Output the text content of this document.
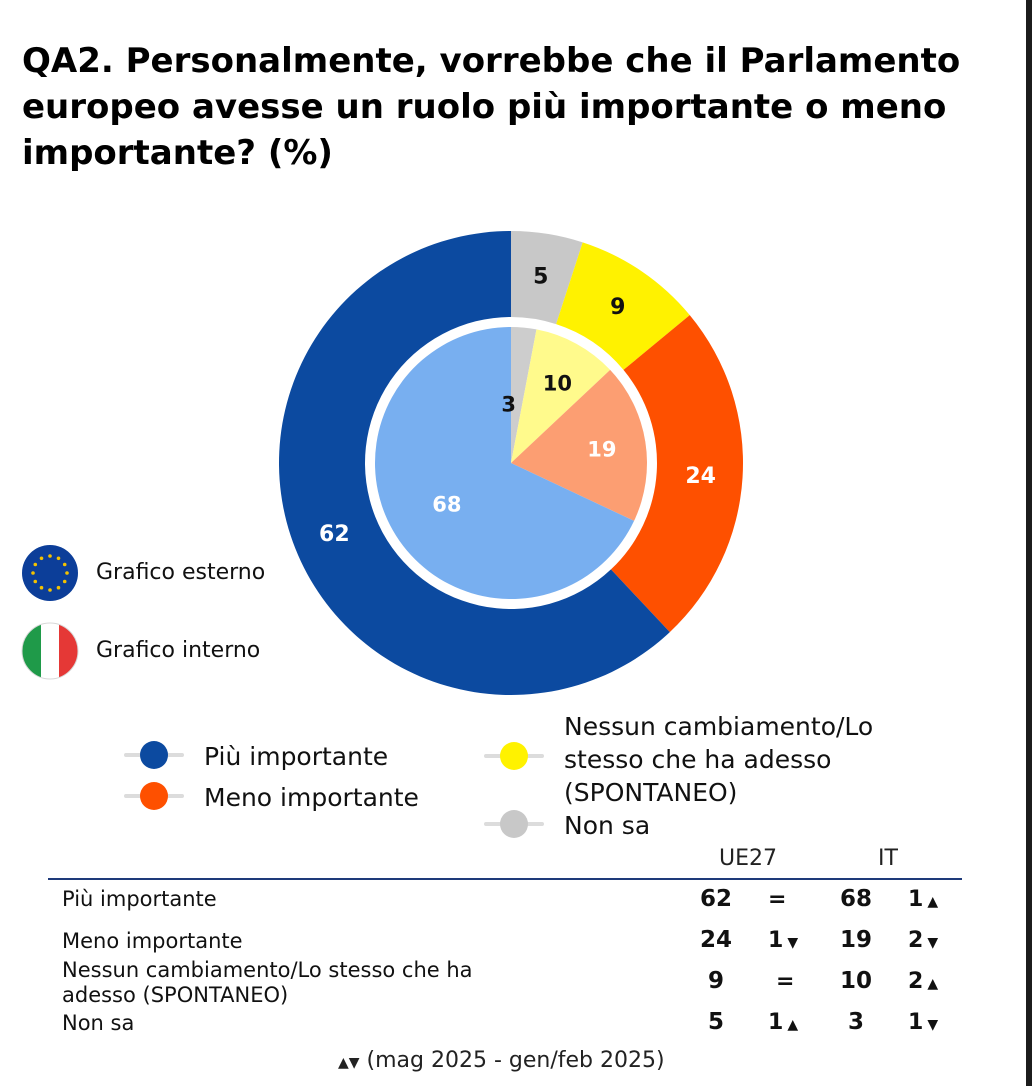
QA2. Personalmente, vorrebbe che il Parlamento europeo avesse un ruolo più importante o meno importante? (%)
5
9
24
62
3
10
19
68
Grafico esterno
Grafico interno
Più importante
Meno importante
Nessun cambiamento/Lo stesso che ha adesso (SPONTANEO)
Non sa
UE27	IT
Più importante
Meno importante
Nessun cambiamento/Lo stesso che ha adesso (SPONTANEO)
Non sa
62
24
9
5
=
1 ▼
=
1 ▲
68
19
10
3
1 ▲
2 ▼
2 ▲
1 ▼
▲▼ (mag 2025 - gen/feb 2025)
